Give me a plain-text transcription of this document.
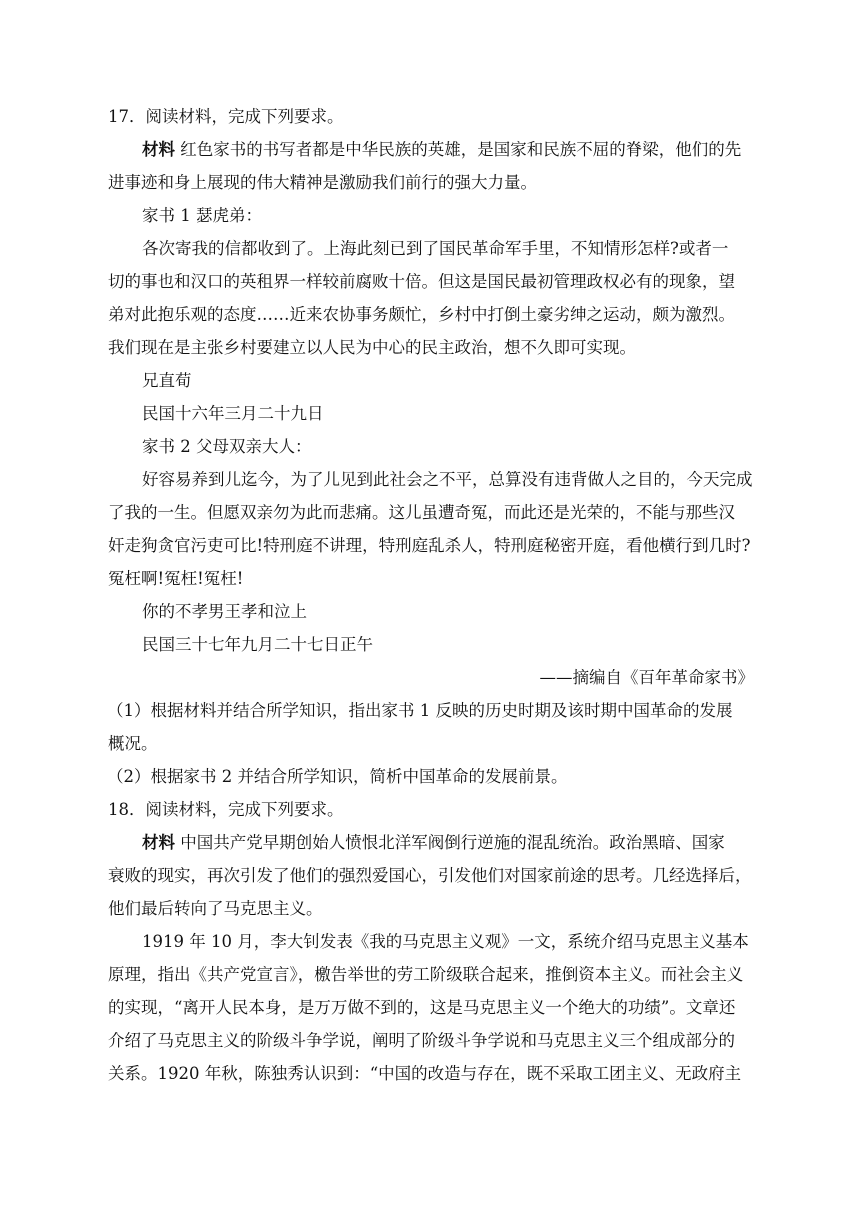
17．阅读材料，完成下列要求。
材料 红色家书的书写者都是中华民族的英雄，是国家和民族不屈的脊梁，他们的先
进事迹和身上展现的伟大精神是激励我们前行的强大力量。
家书 1 瑟虎弟：
各次寄我的信都收到了。上海此刻已到了国民革命军手里，不知情形怎样?或者一
切的事也和汉口的英租界一样较前腐败十倍。但这是国民最初管理政权必有的现象，望
弟对此抱乐观的态度……近来农协事务颇忙，乡村中打倒土豪劣绅之运动，颇为激烈。
我们现在是主张乡村要建立以人民为中心的民主政治，想不久即可实现。
兄直荀
民国十六年三月二十九日
家书 2 父母双亲大人：
好容易养到儿迄今，为了儿见到此社会之不平，总算没有违背做人之目的，今天完成
了我的一生。但愿双亲勿为此而悲痛。这儿虽遭奇冤，而此还是光荣的，不能与那些汉
奸走狗贪官污吏可比!特刑庭不讲理，特刑庭乱杀人，特刑庭秘密开庭，看他横行到几时?
冤枉啊!冤枉!冤枉!
你的不孝男王孝和泣上
民国三十七年九月二十七日正午
——摘编自《百年革命家书》
（1）根据材料并结合所学知识，指出家书 1 反映的历史时期及该时期中国革命的发展
概况。
（2）根据家书 2 并结合所学知识，简析中国革命的发展前景。
18．阅读材料，完成下列要求。
材料 中国共产党早期创始人愤恨北洋军阀倒行逆施的混乱统治。政治黑暗、国家
衰败的现实，再次引发了他们的强烈爱国心，引发他们对国家前途的思考。几经选择后，
他们最后转向了马克思主义。
1919 年 10 月，李大钊发表《我的马克思主义观》一文，系统介绍马克思主义基本
原理，指出《共产党宣言》，檄告举世的劳工阶级联合起来，推倒资本主义。而社会主义
的实现，“离开人民本身，是万万做不到的，这是马克思主义一个绝大的功绩”。文章还
介绍了马克思主义的阶级斗争学说，阐明了阶级斗争学说和马克思主义三个组成部分的
关系。1920 年秋，陈独秀认识到：“中国的改造与存在，既不采取工团主义、无政府主
